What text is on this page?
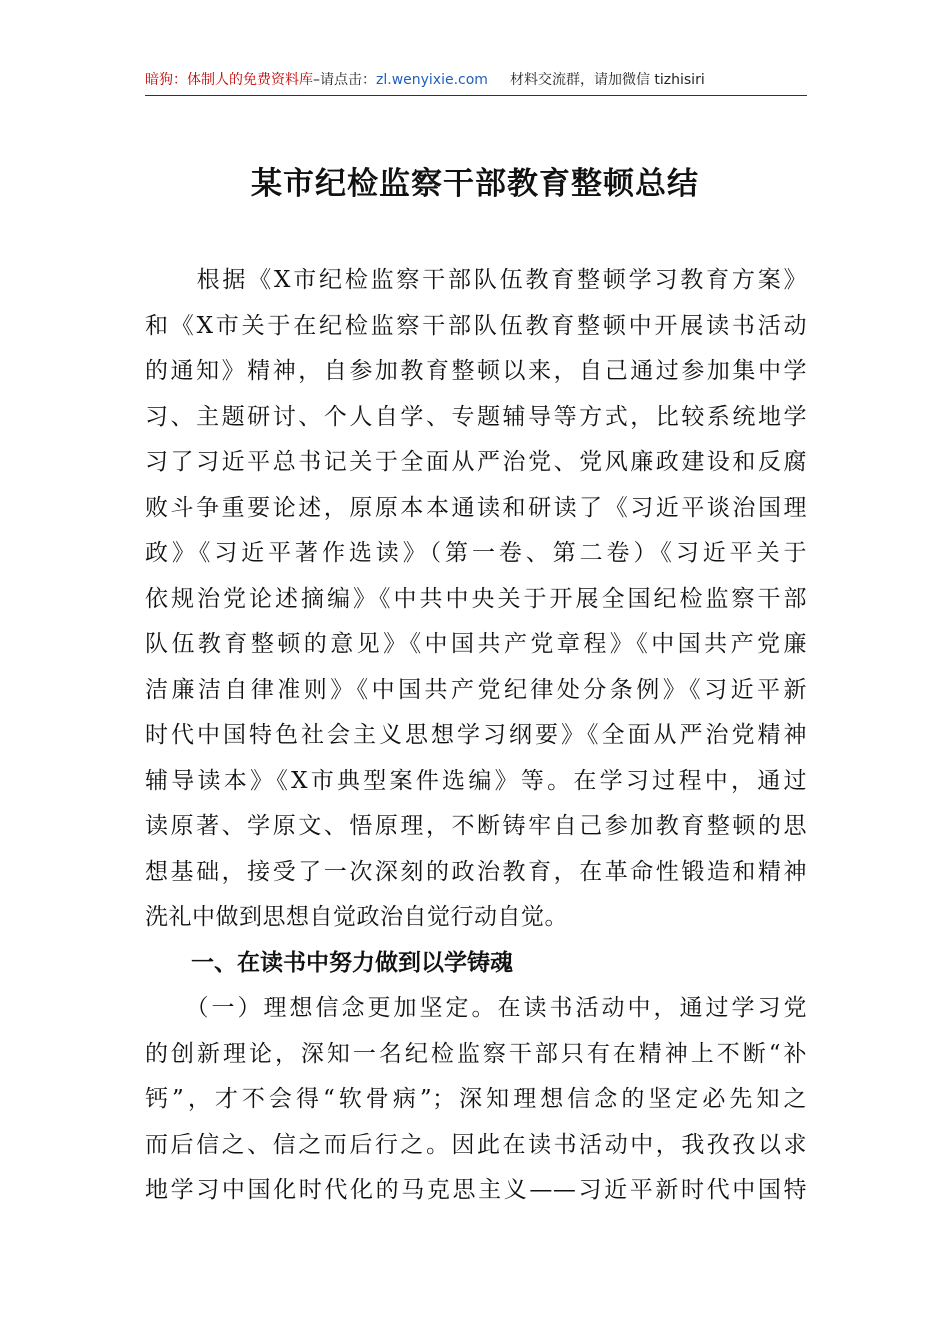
暗狗：体制人的免费资料库–请点击：zl.wenyixie.com 材料交流群，请加微信 tizhisiri
某市纪检监察干部教育整顿总结
　　根据《X市纪检监察干部队伍教育整顿学习教育方案》
和《X市关于在纪检监察干部队伍教育整顿中开展读书活动
的通知》精神，自参加教育整顿以来，自己通过参加集中学
习、主题研讨、个人自学、专题辅导等方式，比较系统地学
习了习近平总书记关于全面从严治党、党风廉政建设和反腐
败斗争重要论述，原原本本通读和研读了《习近平谈治国理
政》《习近平著作选读》（第一卷、第二卷）《习近平关于
依规治党论述摘编》《中共中央关于开展全国纪检监察干部
队伍教育整顿的意见》《中国共产党章程》《中国共产党廉
洁廉洁自律准则》《中国共产党纪律处分条例》《习近平新
时代中国特色社会主义思想学习纲要》《全面从严治党精神
辅导读本》《X市典型案件选编》等。在学习过程中，通过
读原著、学原文、悟原理，不断铸牢自己参加教育整顿的思
想基础，接受了一次深刻的政治教育，在革命性锻造和精神
洗礼中做到思想自觉政治自觉行动自觉。
　　一、在读书中努力做到以学铸魂
　　（一）理想信念更加坚定。在读书活动中，通过学习党
的创新理论，深知一名纪检监察干部只有在精神上不断“补
钙”，才不会得“软骨病”；深知理想信念的坚定必先知之
而后信之、信之而后行之。因此在读书活动中，我孜孜以求
地学习中国化时代化的马克思主义——习近平新时代中国特
